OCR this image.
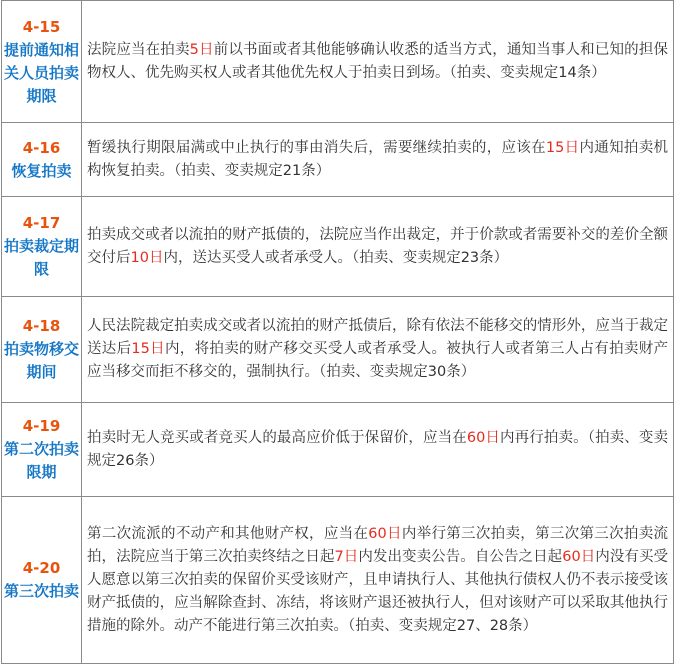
4-15
提前通知相关人员拍卖期限	法院应当在拍卖5日前以书面或者其他能够确认收悉的适当方式，通知当事人和已知的担保物权人、优先购买权人或者其他优先权人于拍卖日到场。（拍卖、变卖规定14条）

4-16
恢复拍卖	暂缓执行期限届满或中止执行的事由消失后，需要继续拍卖的，应该在15日内通知拍卖机构恢复拍卖。（拍卖、变卖规定21条）

4-17
拍卖裁定期限	拍卖成交或者以流拍的财产抵债的，法院应当作出裁定，并于价款或者需要补交的差价全额交付后10日内，送达买受人或者承受人。（拍卖、变卖规定23条）

4-18
拍卖物移交期间	人民法院裁定拍卖成交或者以流拍的财产抵债后，除有依法不能移交的情形外，应当于裁定送达后15日内，将拍卖的财产移交买受人或者承受人。被执行人或者第三人占有拍卖财产应当移交而拒不移交的，强制执行。（拍卖、变卖规定30条）

4-19
第二次拍卖限期	拍卖时无人竞买或者竞买人的最高应价低于保留价，应当在60日内再行拍卖。（拍卖、变卖规定26条）

4-20
第三次拍卖	第二次流派的不动产和其他财产权，应当在60日内举行第三次拍卖，第三次第三次拍卖流拍，法院应当于第三次拍卖终结之日起7日内发出变卖公告。自公告之日起60日内没有买受人愿意以第三次拍卖的保留价买受该财产，且申请执行人、其他执行债权人仍不表示接受该财产抵债的，应当解除查封、冻结，将该财产退还被执行人，但对该财产可以采取其他执行措施的除外。动产不能进行第三次拍卖。（拍卖、变卖规定27、28条）
